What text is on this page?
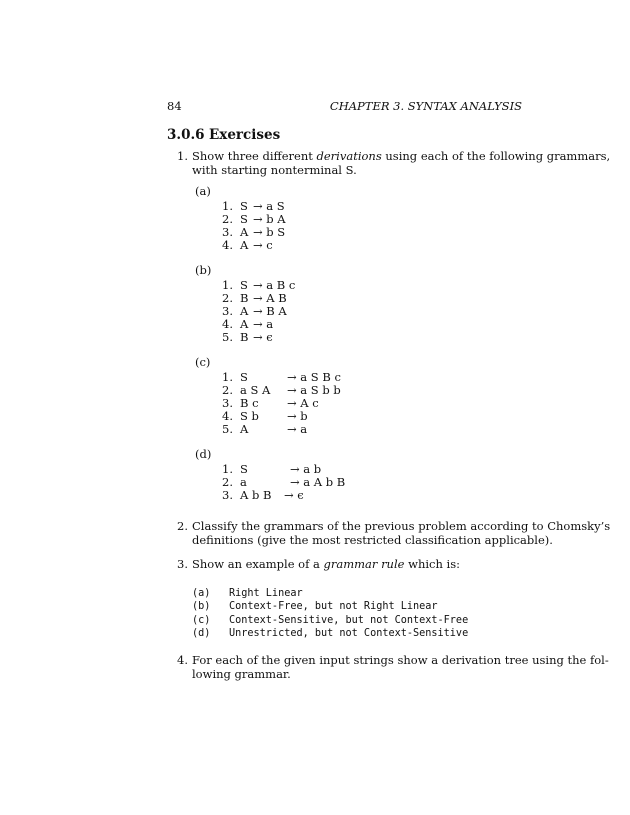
84	CHAPTER 3. SYNTAX ANALYSIS
3.0.6 Exercises
1. Show three different derivations using each of the following grammars,
with starting nonterminal S.
(a)
1. S → a S
2. S → b A
3. A → b S
4. A → c
(b)
1. S → a B c
2. B → A B
3. A → B A
4. A → a
5. B → ϵ
(c)
1. S	→ a S B c
2. a S A → a S b b
3. B c → A c
4. S b → b
5. A	→ a
(d)
1. S	→ a b
2. a	→ a A b B
3. A b B → ϵ
2. Classify the grammars of the previous problem according to Chomsky’s
definitions (give the most restricted classification applicable).
3. Show an example of a grammar rule which is:
(a) Right Linear
(b) Context-Free, but not Right Linear
(c) Context-Sensitive, but not Context-Free
(d) Unrestricted, but not Context-Sensitive
4. For each of the given input strings show a derivation tree using the fol-
lowing grammar.
